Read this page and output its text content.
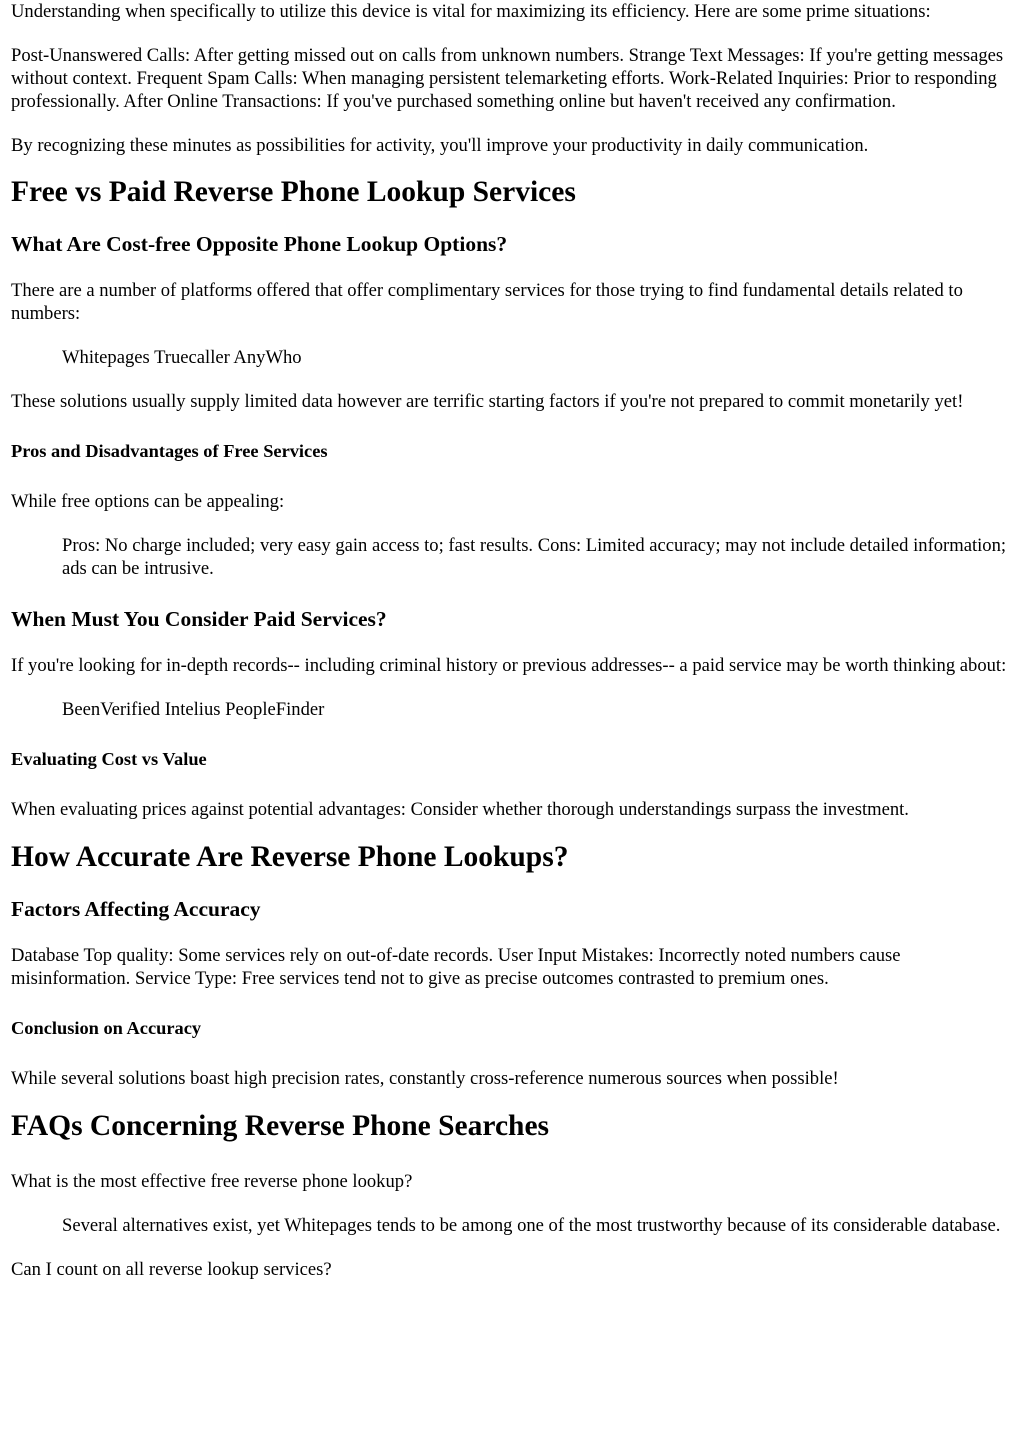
Understanding when specifically to utilize this device is vital for maximizing its efficiency. Here are some prime situations:

Post-Unanswered Calls: After getting missed out on calls from unknown numbers. Strange Text Messages: If you're getting messages without context. Frequent Spam Calls: When managing persistent telemarketing efforts. Work-Related Inquiries: Prior to responding professionally. After Online Transactions: If you've purchased something online but haven't received any confirmation.

By recognizing these minutes as possibilities for activity, you'll improve your productivity in daily communication.

Free vs Paid Reverse Phone Lookup Services
What Are Cost-free Opposite Phone Lookup Options?

There are a number of platforms offered that offer complimentary services for those trying to find fundamental details related to numbers:

Whitepages Truecaller AnyWho

These solutions usually supply limited data however are terrific starting factors if you're not prepared to commit monetarily yet!

Pros and Disadvantages of Free Services

While free options can be appealing:

Pros: No charge included; very easy gain access to; fast results. Cons: Limited accuracy; may not include detailed information; ads can be intrusive.
When Must You Consider Paid Services?

If you're looking for in-depth records-- including criminal history or previous addresses-- a paid service may be worth thinking about:

BeenVerified Intelius PeopleFinder
Evaluating Cost vs Value

When evaluating prices against potential advantages: Consider whether thorough understandings surpass the investment.

How Accurate Are Reverse Phone Lookups?
Factors Affecting Accuracy

Database Top quality: Some services rely on out-of-date records. User Input Mistakes: Incorrectly noted numbers cause misinformation. Service Type: Free services tend not to give as precise outcomes contrasted to premium ones.

Conclusion on Accuracy

While several solutions boast high precision rates, constantly cross-reference numerous sources when possible!

FAQs Concerning Reverse Phone Searches

What is the most effective free reverse phone lookup?

Several alternatives exist, yet Whitepages tends to be among one of the most trustworthy because of its considerable database.

Can I count on all reverse lookup services?
